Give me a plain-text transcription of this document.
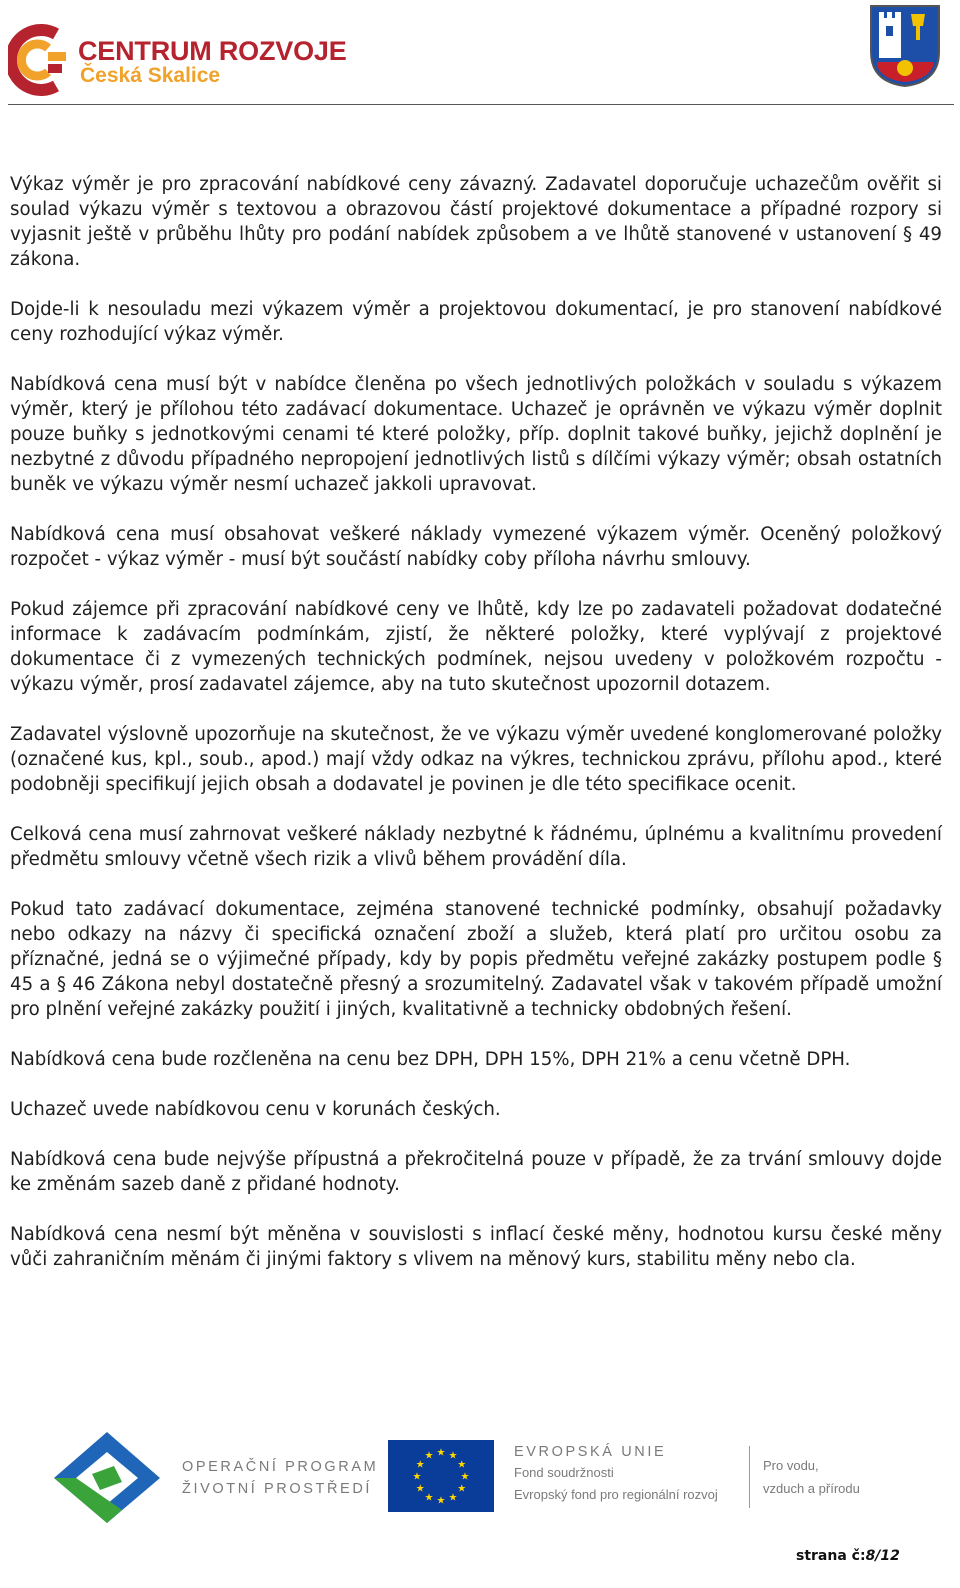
CENTRUM ROZVOJE
Česká Skalice

Výkaz výměr je pro zpracování nabídkové ceny závazný. Zadavatel doporučuje uchazečům ověřit si soulad výkazu výměr s textovou a obrazovou částí projektové dokumentace a případné rozpory si vyjasnit ještě v průběhu lhůty pro podání nabídek způsobem a ve lhůtě stanovené v ustanovení § 49 zákona.

Dojde-li k nesouladu mezi výkazem výměr a projektovou dokumentací, je pro stanovení nabídkové ceny rozhodující výkaz výměr.

Nabídková cena musí být v nabídce členěna po všech jednotlivých položkách v souladu s výkazem výměr, který je přílohou této zadávací dokumentace. Uchazeč je oprávněn ve výkazu výměr doplnit pouze buňky s jednotkovými cenami té které položky, příp. doplnit takové buňky, jejichž doplnění je nezbytné z důvodu případného nepropojení jednotlivých listů s dílčími výkazy výměr; obsah ostatních buněk ve výkazu výměr nesmí uchazeč jakkoli upravovat.

Nabídková cena musí obsahovat veškeré náklady vymezené výkazem výměr. Oceněný položkový rozpočet - výkaz výměr - musí být součástí nabídky coby příloha návrhu smlouvy.

Pokud zájemce při zpracování nabídkové ceny ve lhůtě, kdy lze po zadavateli požadovat dodatečné informace k zadávacím podmínkám, zjistí, že některé položky, které vyplývají z projektové dokumentace či z vymezených technických podmínek, nejsou uvedeny v položkovém rozpočtu - výkazu výměr, prosí zadavatel zájemce, aby na tuto skutečnost upozornil dotazem.

Zadavatel výslovně upozorňuje na skutečnost, že ve výkazu výměr uvedené konglomerované položky (označené kus, kpl., soub., apod.) mají vždy odkaz na výkres, technickou zprávu, přílohu apod., které podobněji specifikují jejich obsah a dodavatel je povinen je dle této specifikace ocenit.

Celková cena musí zahrnovat veškeré náklady nezbytné k řádnému, úplnému a kvalitnímu provedení předmětu smlouvy včetně všech rizik a vlivů během provádění díla.

Pokud tato zadávací dokumentace, zejména stanovené technické podmínky, obsahují požadavky nebo odkazy na názvy či specifická označení zboží a služeb, která platí pro určitou osobu za příznačné, jedná se o výjimečné případy, kdy by popis předmětu veřejné zakázky postupem podle § 45 a § 46 Zákona nebyl dostatečně přesný a srozumitelný. Zadavatel však v takovém případě umožní pro plnění veřejné zakázky použití i jiných, kvalitativně a technicky obdobných řešení.

Nabídková cena bude rozčleněna na cenu bez DPH, DPH 15%, DPH 21% a cenu včetně DPH.

Uchazeč uvede nabídkovou cenu v korunách českých.

Nabídková cena bude nejvýše přípustná a překročitelná pouze v případě, že za trvání smlouvy dojde ke změnám sazeb daně z přidané hodnoty.

Nabídková cena nesmí být měněna v souvislosti s inflací české měny, hodnotou kursu české měny vůči zahraničním měnám či jinými faktory s vlivem na měnový kurs, stabilitu měny nebo cla.

OPERAČNÍ PROGRAM
ŽIVOTNÍ PROSTŘEDÍ
★ ★
★
★
★
★
★
★
★
★
★
★	EVROPSKÁ UNIE
Fond soudržnosti
Evropský fond pro regionální rozvoj
Pro vodu,
vzduch a přírodu
strana č:8/12
